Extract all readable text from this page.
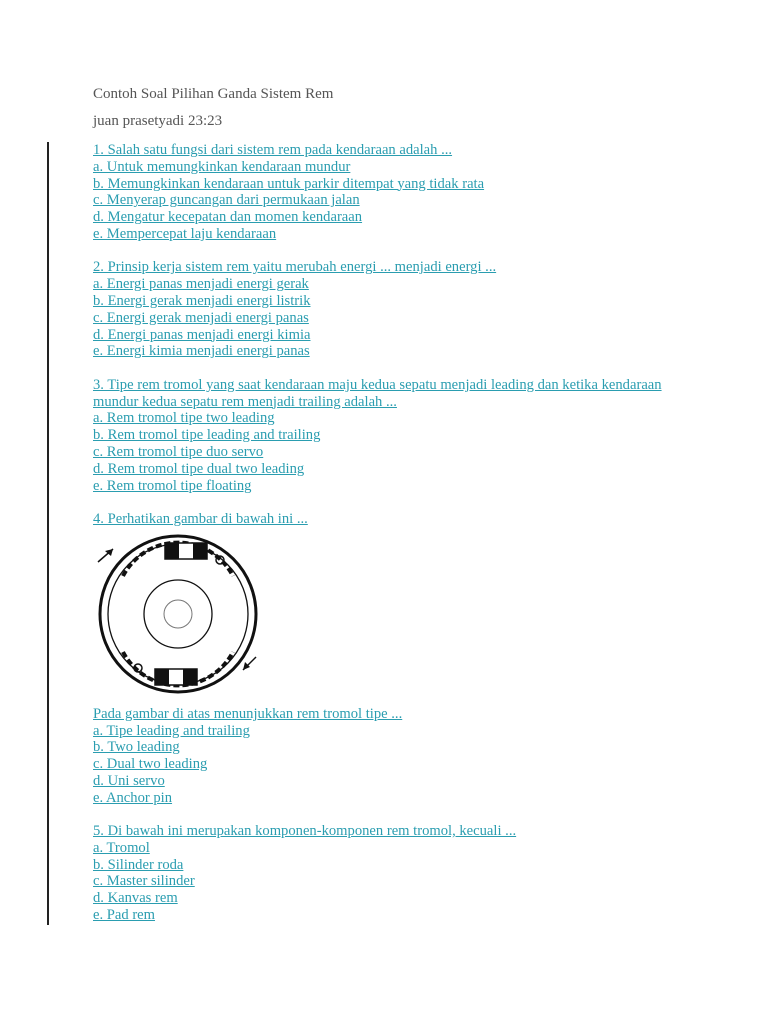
Contoh Soal Pilihan Ganda Sistem Rem
juan prasetyadi 23:23
1. Salah satu fungsi dari sistem rem pada kendaraan adalah ...
a. Untuk memungkinkan kendaraan mundur
b. Memungkinkan kendaraan untuk parkir ditempat yang tidak rata
c. Menyerap guncangan dari permukaan jalan
d. Mengatur kecepatan dan momen kendaraan
e. Mempercepat laju kendaraan
2. Prinsip kerja sistem rem yaitu merubah energi ... menjadi energi ...
a. Energi panas menjadi energi gerak
b. Energi gerak menjadi energi listrik
c. Energi gerak menjadi energi panas
d. Energi panas menjadi energi kimia
e. Energi kimia menjadi energi panas
3. Tipe rem tromol yang saat kendaraan maju kedua sepatu menjadi leading dan ketika kendaraan mundur kedua sepatu rem menjadi trailing adalah ...
a. Rem tromol tipe two leading
b. Rem tromol tipe leading and trailing
c. Rem tromol tipe duo servo
d. Rem tromol tipe dual two leading
e. Rem tromol tipe floating
4. Perhatikan gambar di bawah ini ...
Pada gambar di atas menunjukkan rem tromol tipe ...
a. Tipe leading and trailing
b. Two leading
c. Dual two leading
d. Uni servo
e. Anchor pin
5. Di bawah ini merupakan komponen-komponen rem tromol, kecuali ...
a. Tromol
b. Silinder roda
c. Master silinder
d. Kanvas rem
e. Pad rem
